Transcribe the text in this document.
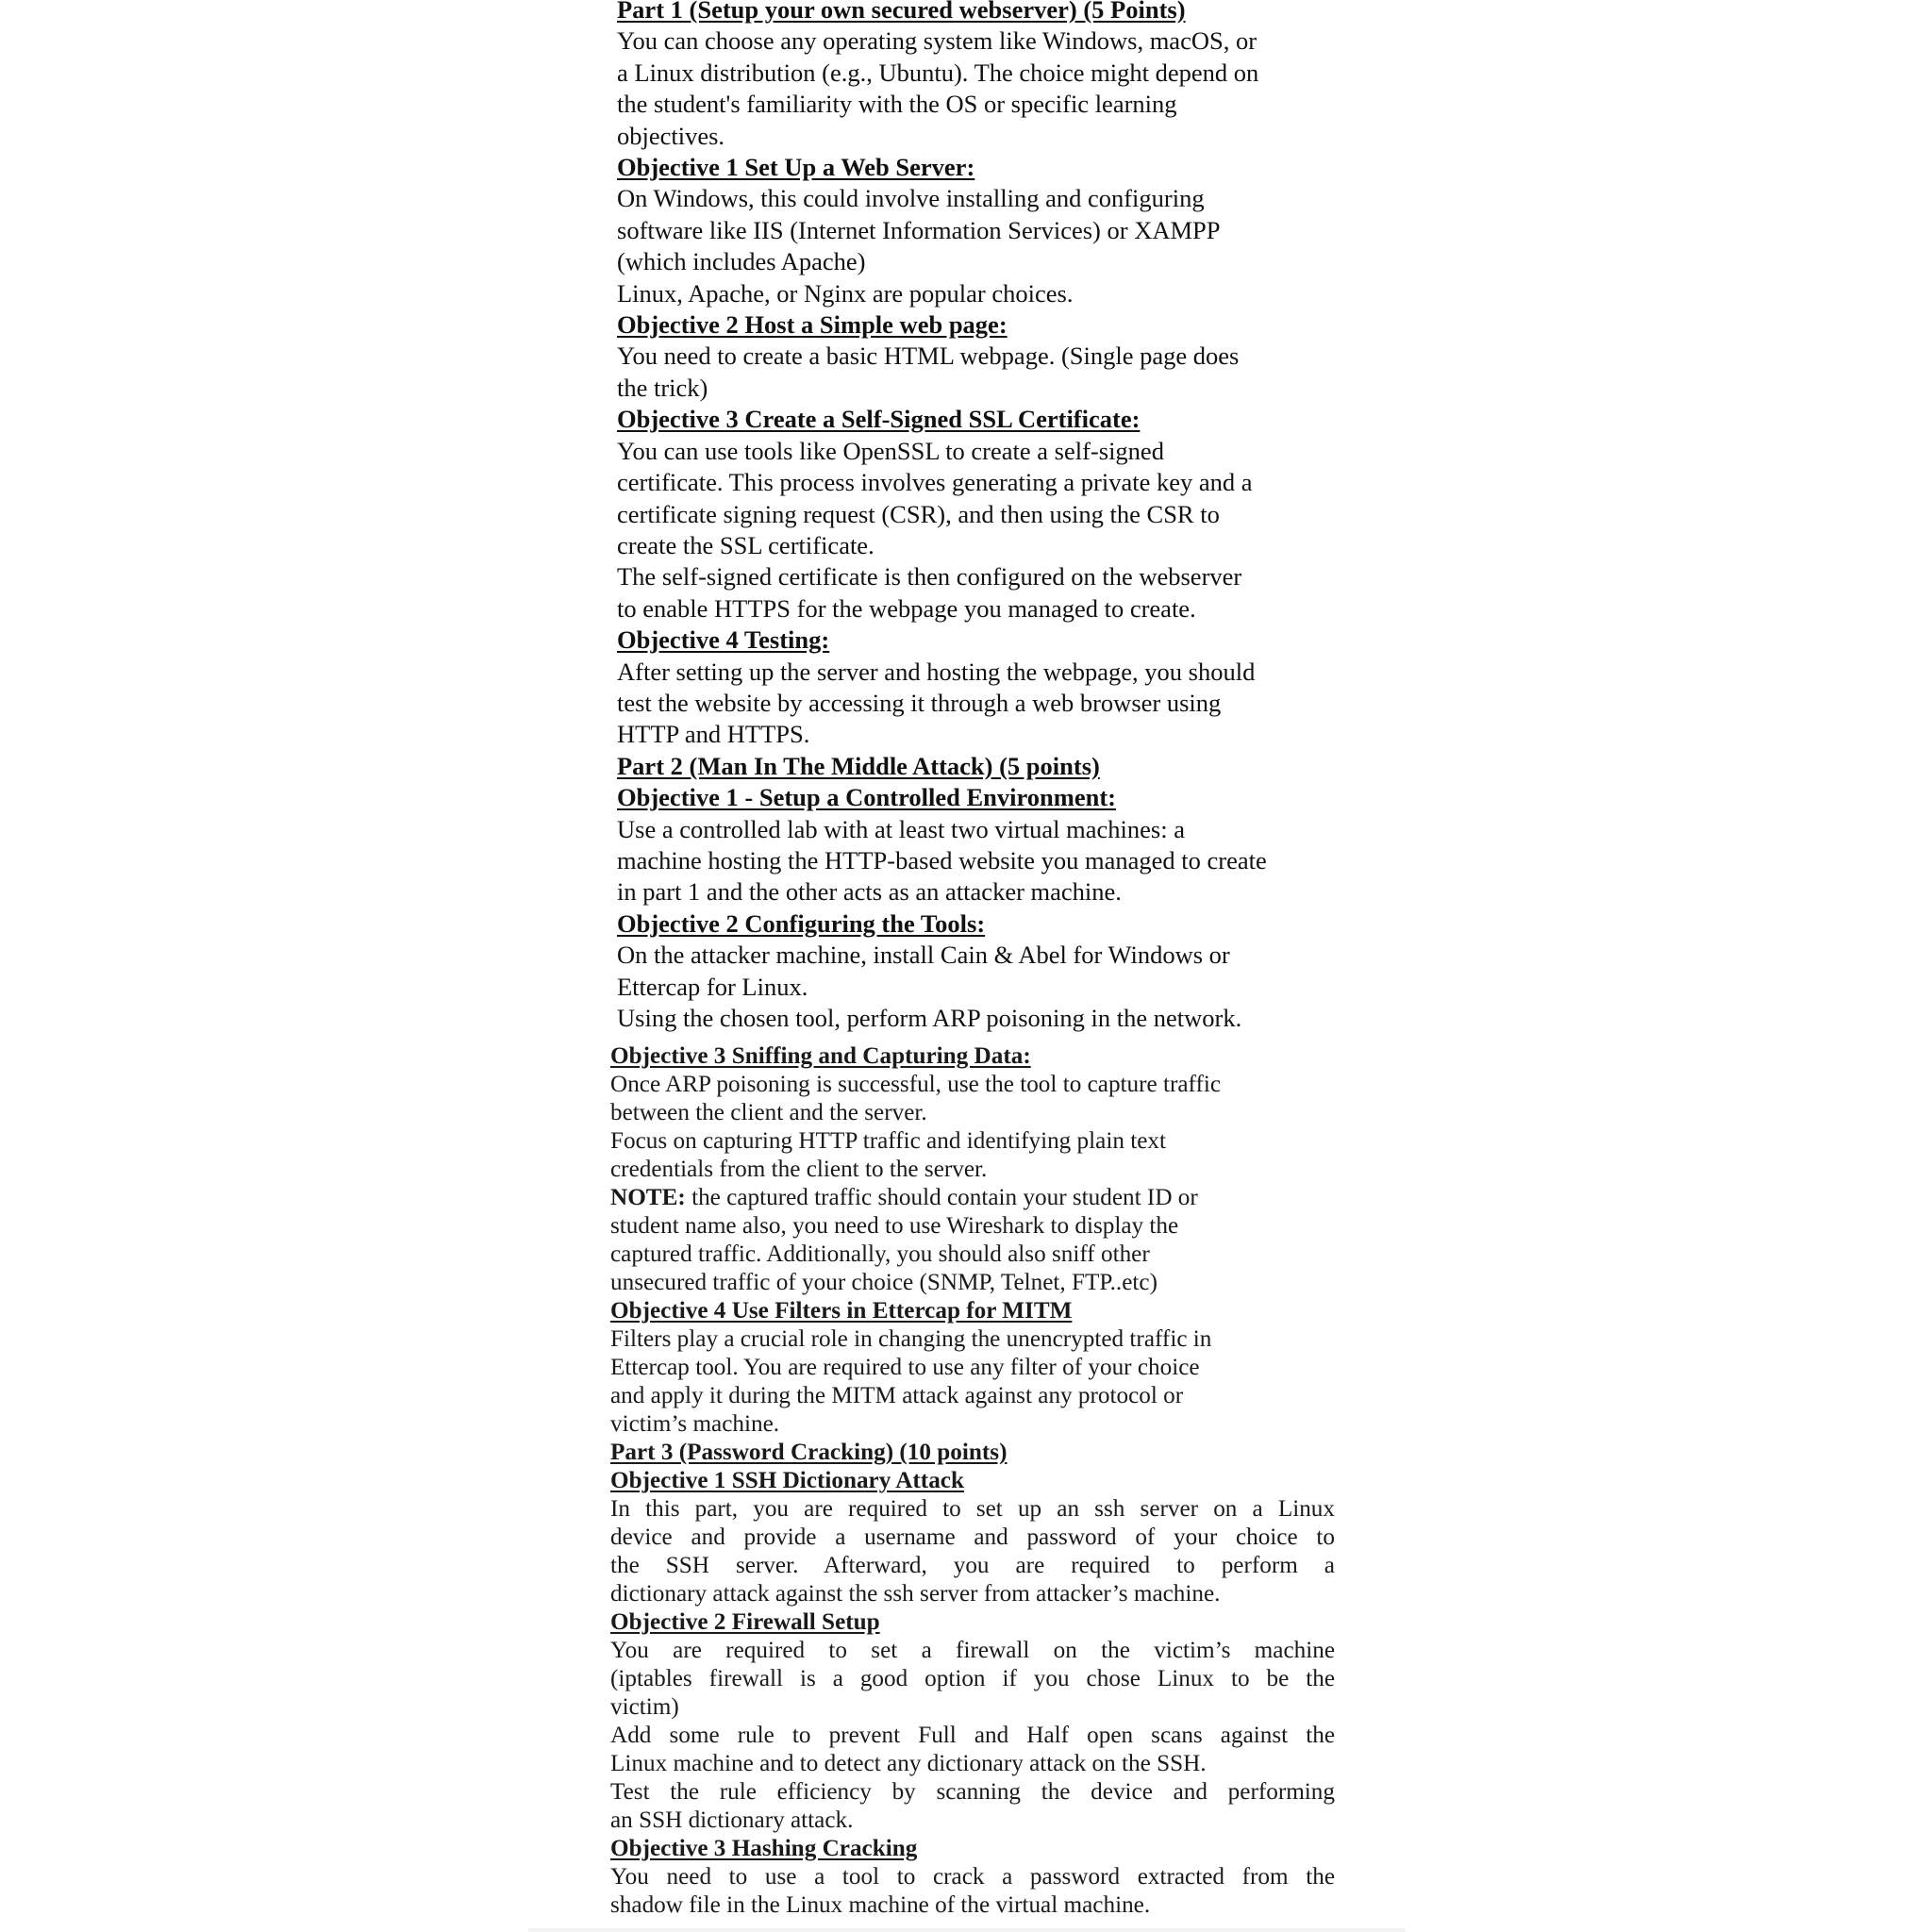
Part 1 (Setup your own secured webserver) (5 Points)
You can choose any operating system like Windows, macOS, or
a Linux distribution (e.g., Ubuntu). The choice might depend on
the student's familiarity with the OS or specific learning
objectives.
Objective 1 Set Up a Web Server:
On Windows, this could involve installing and configuring
software like IIS (Internet Information Services) or XAMPP
(which includes Apache)
Linux, Apache, or Nginx are popular choices.
Objective 2 Host a Simple web page:
You need to create a basic HTML webpage. (Single page does
the trick)
Objective 3 Create a Self-Signed SSL Certificate:
You can use tools like OpenSSL to create a self-signed
certificate. This process involves generating a private key and a
certificate signing request (CSR), and then using the CSR to
create the SSL certificate.
The self-signed certificate is then configured on the webserver
to enable HTTPS for the webpage you managed to create.
Objective 4 Testing:
After setting up the server and hosting the webpage, you should
test the website by accessing it through a web browser using
HTTP and HTTPS.
Part 2 (Man In The Middle Attack) (5 points)
Objective 1 - Setup a Controlled Environment:
Use a controlled lab with at least two virtual machines: a
machine hosting the HTTP-based website you managed to create
in part 1 and the other acts as an attacker machine.
Objective 2 Configuring the Tools:
On the attacker machine, install Cain & Abel for Windows or
Ettercap for Linux.
Using the chosen tool, perform ARP poisoning in the network.
Objective 3 Sniffing and Capturing Data:
Once ARP poisoning is successful, use the tool to capture traffic
between the client and the server.
Focus on capturing HTTP traffic and identifying plain text
credentials from the client to the server.
NOTE: the captured traffic should contain your student ID or
student name also, you need to use Wireshark to display the
captured traffic. Additionally, you should also sniff other
unsecured traffic of your choice (SNMP, Telnet, FTP..etc)
Objective 4 Use Filters in Ettercap for MITM
Filters play a crucial role in changing the unencrypted traffic in
Ettercap tool. You are required to use any filter of your choice
and apply it during the MITM attack against any protocol or
victim’s machine.
Part 3 (Password Cracking) (10 points)
Objective 1 SSH Dictionary Attack
In this part, you are required to set up an ssh server on a Linux
device and provide a username and password of your choice to
the SSH server. Afterward, you are required to perform a
dictionary attack against the ssh server from attacker’s machine.
Objective 2 Firewall Setup
You are required to set a firewall on the victim’s machine
(iptables firewall is a good option if you chose Linux to be the
victim)
Add some rule to prevent Full and Half open scans against the
Linux machine and to detect any dictionary attack on the SSH.
Test the rule efficiency by scanning the device and performing
an SSH dictionary attack.
Objective 3 Hashing Cracking
You need to use a tool to crack a password extracted from the
shadow file in the Linux machine of the virtual machine.
